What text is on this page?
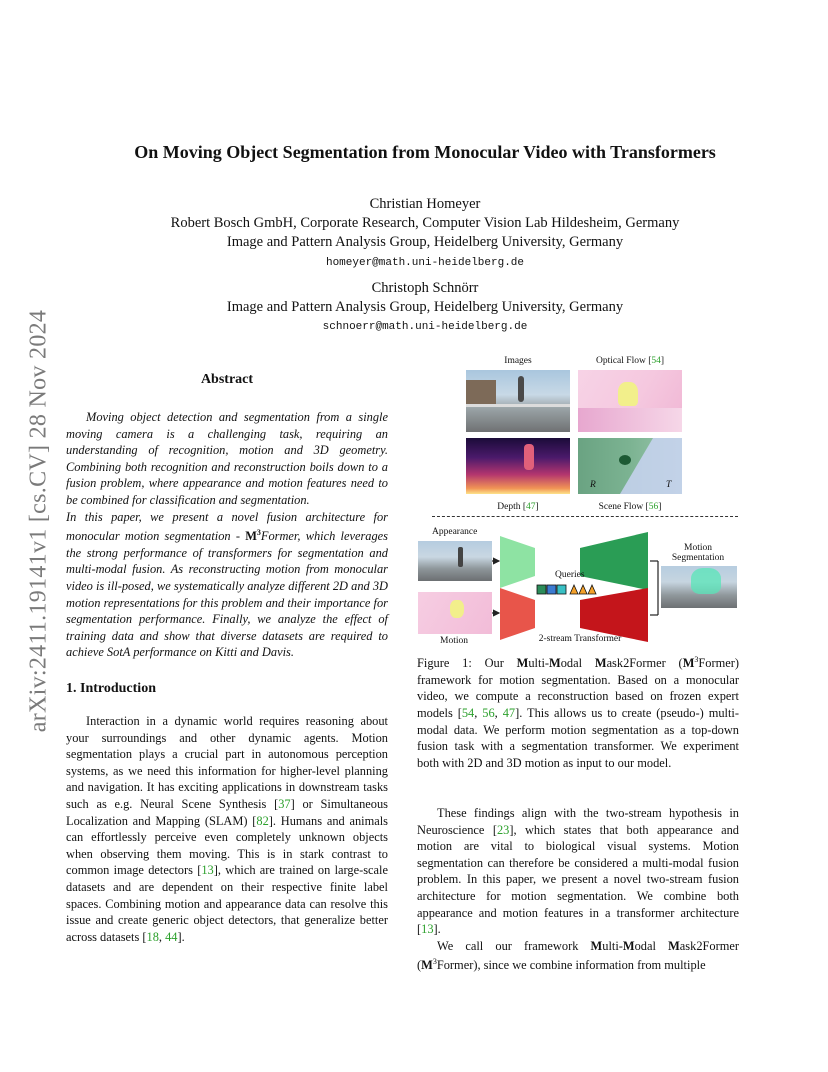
arXiv:2411.19141v1 [cs.CV] 28 Nov 2024
On Moving Object Segmentation from Monocular Video with Transformers
Christian Homeyer
Robert Bosch GmbH, Corporate Research, Computer Vision Lab Hildesheim, Germany
Image and Pattern Analysis Group, Heidelberg University, Germany
homeyer@math.uni-heidelberg.de
Christoph Schnörr
Image and Pattern Analysis Group, Heidelberg University, Germany
schnoerr@math.uni-heidelberg.de
Abstract

Moving object detection and segmentation from a single moving camera is a challenging task, requiring an understanding of recognition, motion and 3D geometry. Combining both recognition and reconstruction boils down to a fusion problem, where appearance and motion features need to be combined for classification and segmentation.

In this paper, we present a novel fusion architecture for monocular motion segmentation - $M^3Former$, which leverages the strong performance of transformers for segmentation and multi-modal fusion. As reconstructing motion from monocular video is ill-posed, we systematically analyze different 2D and 3D motion representations for this problem and their importance for segmentation performance. Finally, we analyze the effect of training data and show that diverse datasets are required to achieve SotA performance on Kitti and Davis.

1. Introduction

Interaction in a dynamic world requires reasoning about your surroundings and other dynamic agents. Motion segmentation plays a crucial part in autonomous perception systems, as we need this information for higher-level planning and navigation. It has exciting applications in downstream tasks such as e.g. Neural Scene Synthesis [37] or Simultaneous Localization and Mapping (SLAM) [82]. Humans and animals can effortlessly perceive even completely unknown objects when observing them moving. This is in stark contrast to common image detectors [13], which are trained on large-scale datasets and are dependent on their respective finite label spaces. Combining motion and appearance data can resolve this issue and create generic object detectors, that generalize better across datasets [18, 44].

Images	Optical Flow [54]
R	T
Depth [47]	Scene Flow [56]
Appearance
Motion
Queries
2-stream Transformer
Motion
Segmentation

Figure 1: Our Multi-Modal Mask2Former $(M^3Former)$ framework for motion segmentation. Based on a monocular video, we compute a reconstruction based on frozen expert models [54, 56, 47]. This allows us to create (pseudo-) multi-modal data. We perform motion segmentation as a top-down fusion task with a segmentation transformer. We experiment both with 2D and 3D motion as input to our model.

These findings align with the two-stream hypothesis in Neuroscience [23], which states that both appearance and motion are vital to biological visual systems. Motion segmentation can therefore be considered a multi-modal fusion problem. In this paper, we present a novel two-stream fusion architecture for motion segmentation. We combine both appearance and motion features in a transformer architecture [13].

We call our framework Multi-Modal Mask2Former $(M^3Former)$, since we combine information from multiple
